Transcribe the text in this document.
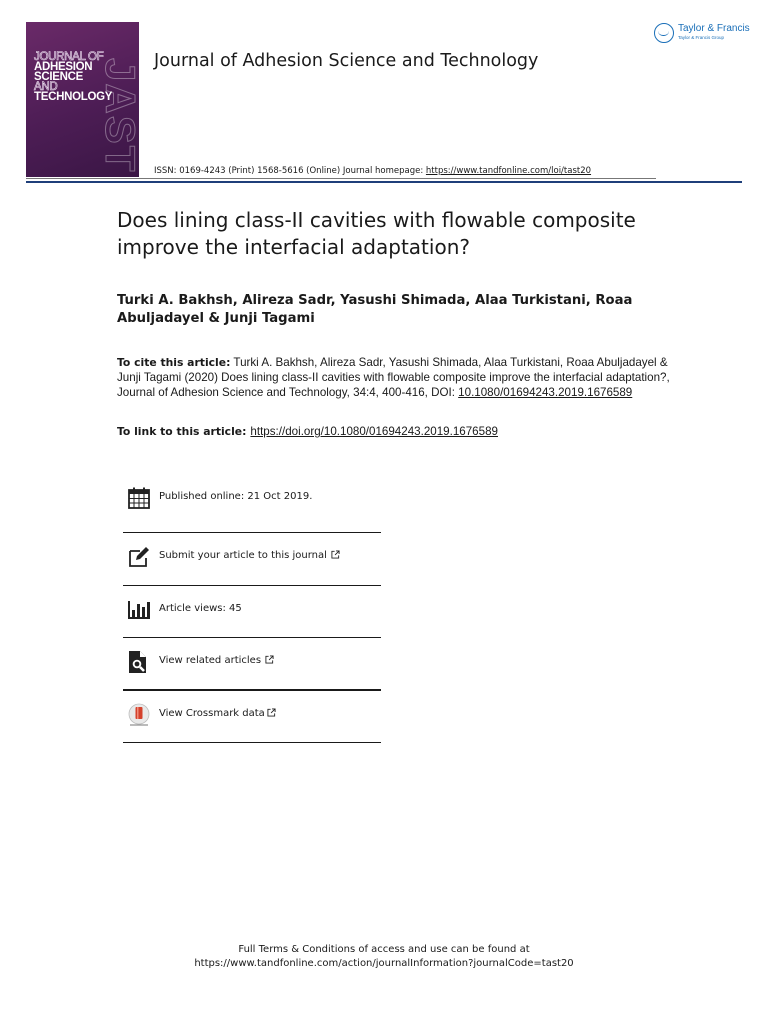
JAST
JOURNAL OF
ADHESION
SCIENCE
AND
TECHNOLOGY
Journal of Adhesion Science and Technology
Taylor & Francis
Taylor & Francis Group
ISSN: 0169-4243 (Print) 1568-5616 (Online) Journal homepage: https://www.tandfonline.com/loi/tast20
Does lining class-II cavities with flowable composite improve the interfacial adaptation?
Turki A. Bakhsh, Alireza Sadr, Yasushi Shimada, Alaa Turkistani, Roaa Abuljadayel & Junji Tagami
To cite this article: Turki A. Bakhsh, Alireza Sadr, Yasushi Shimada, Alaa Turkistani, Roaa Abuljadayel & Junji Tagami (2020) Does lining class-II cavities with flowable composite improve the interfacial adaptation?, Journal of Adhesion Science and Technology, 34:4, 400-416, DOI: 10.1080/01694243.2019.1676589
To link to this article: https://doi.org/10.1080/01694243.2019.1676589
Published online: 21 Oct 2019.
Submit your article to this journal
Article views: 45
View related articles
View Crossmark data
Full Terms & Conditions of access and use can be found at
https://www.tandfonline.com/action/journalInformation?journalCode=tast20
